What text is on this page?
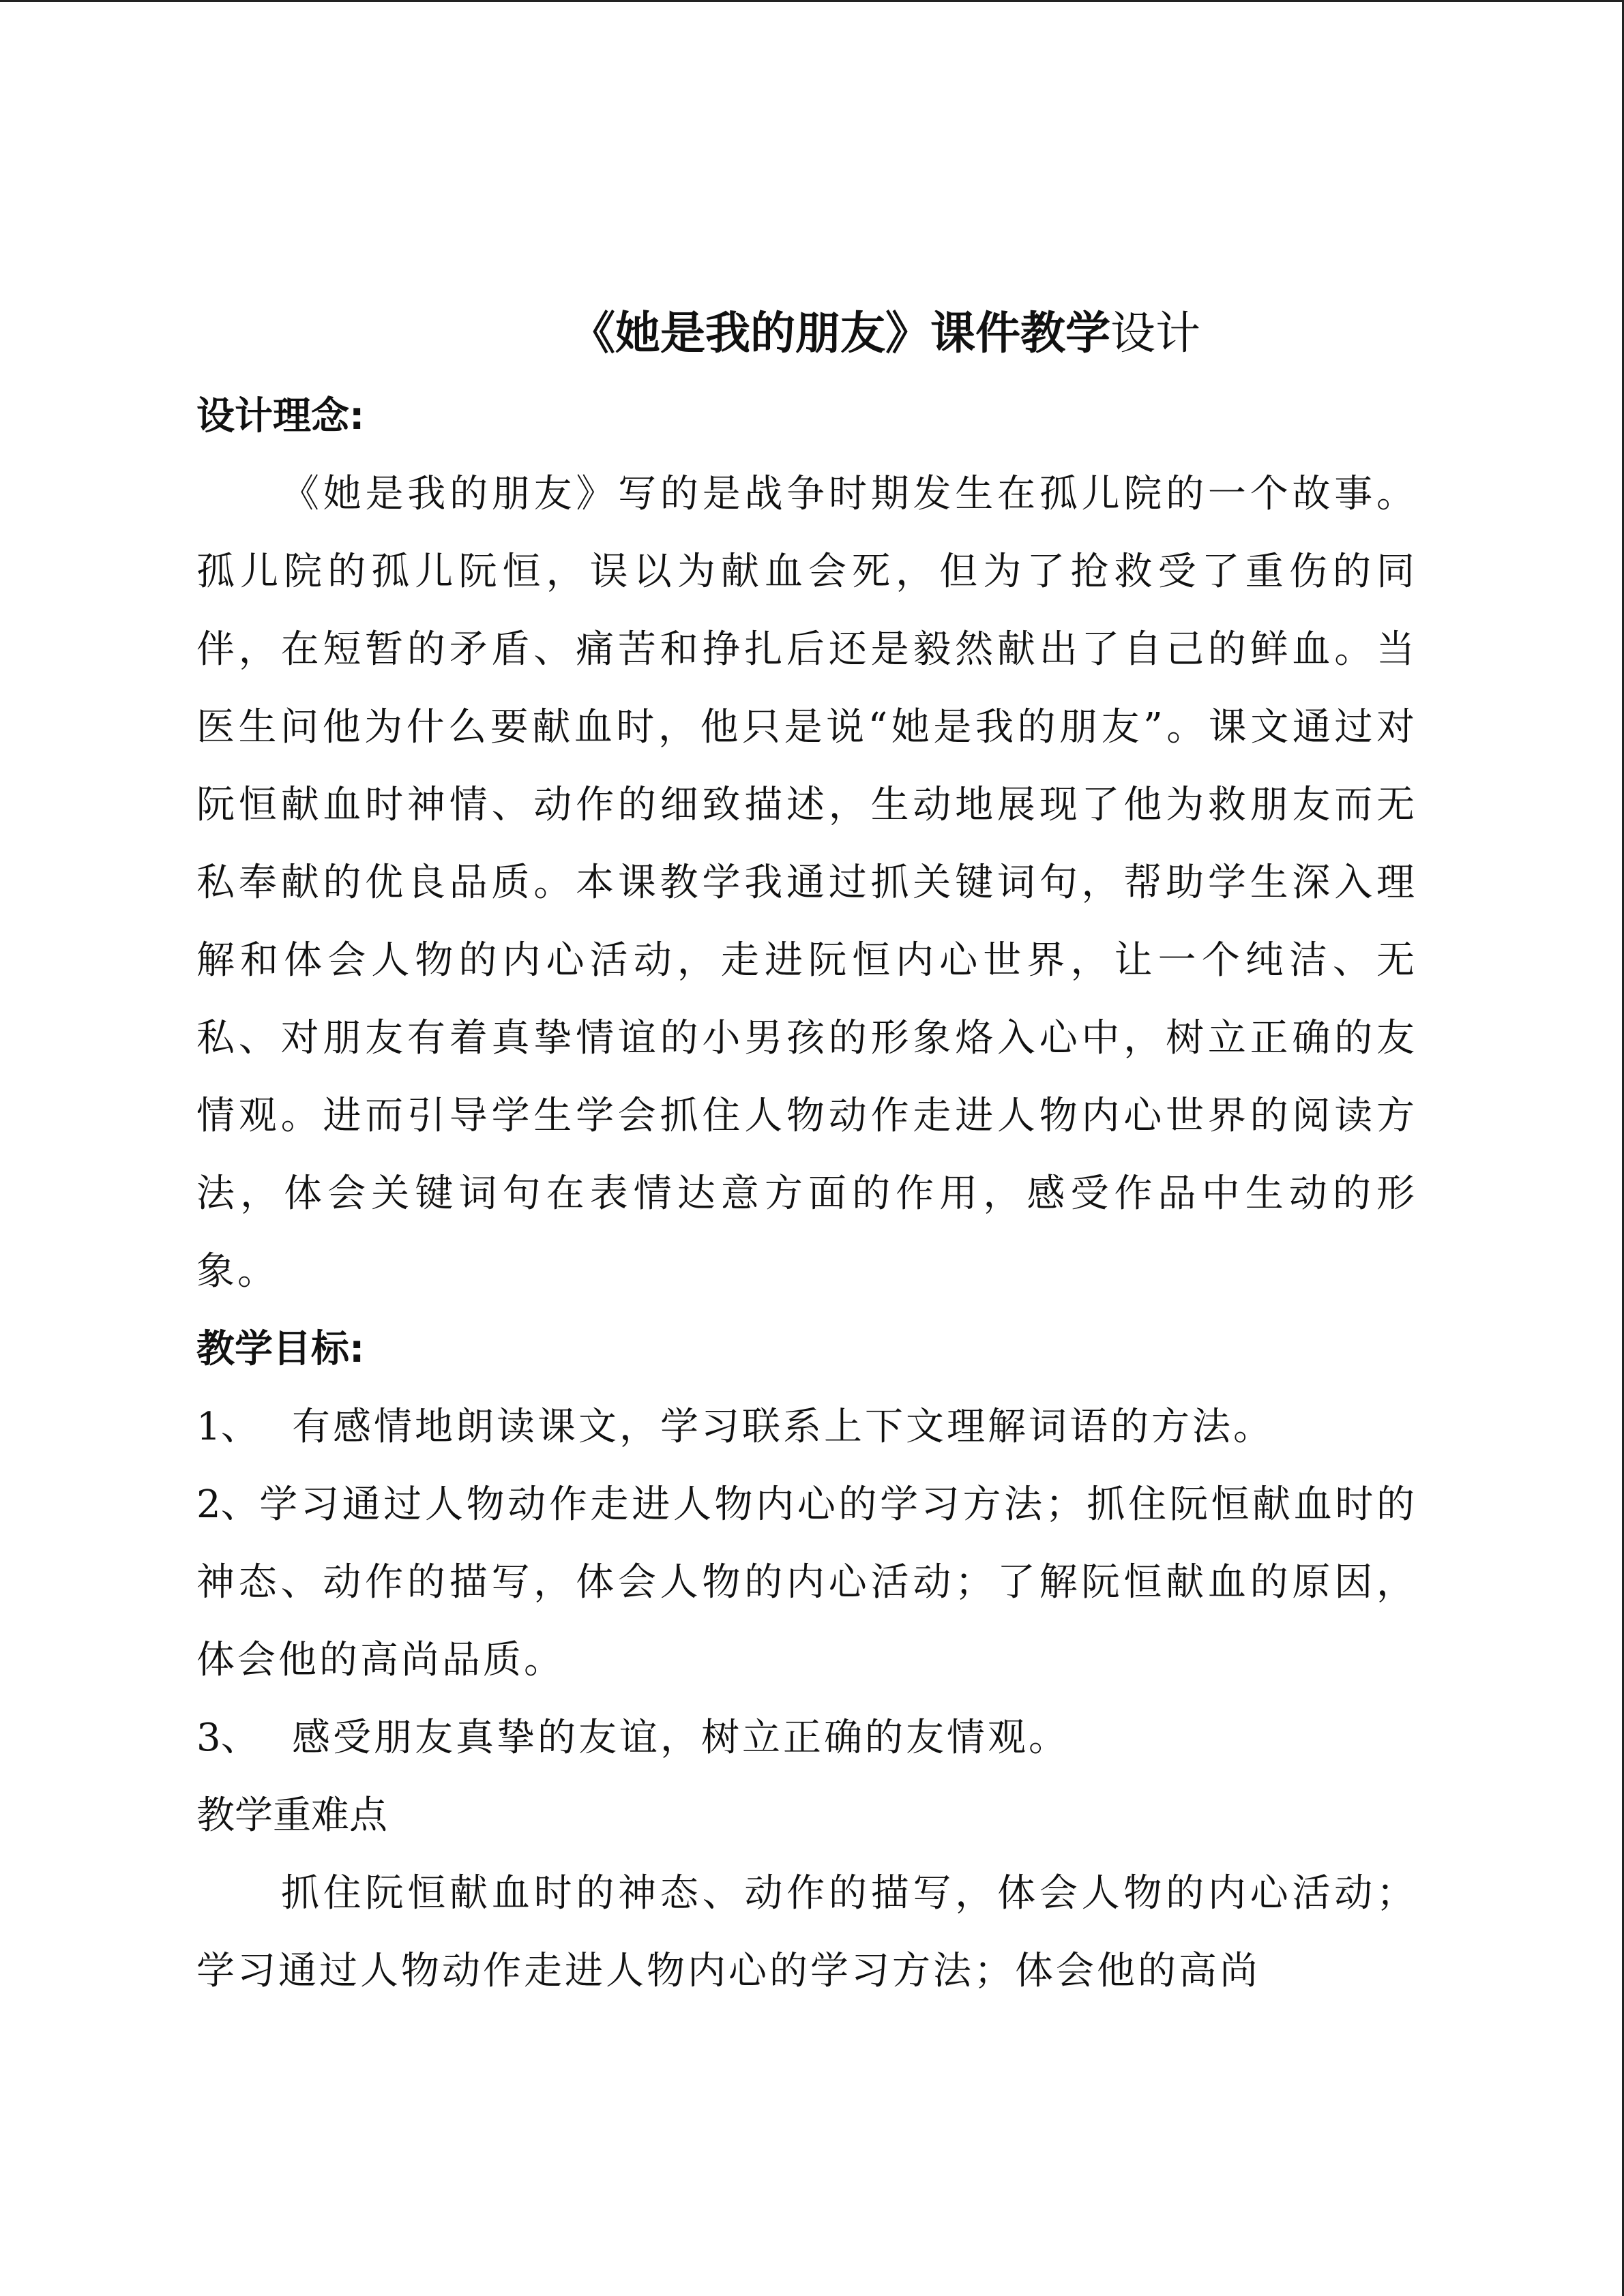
《她是我的朋友》课件教学设计
设计理念:

《她是我的朋友》写的是战争时期发生在孤儿院的一个故事。孤儿院的孤儿阮恒，误以为献血会死，但为了抢救受了重伤的同伴，在短暂的矛盾、痛苦和挣扎后还是毅然献出了自己的鲜血。当医生问他为什么要献血时，他只是说“她是我的朋友”。课文通过对阮恒献血时神情、动作的细致描述，生动地展现了他为救朋友而无私奉献的优良品质。本课教学我通过抓关键词句，帮助学生深入理解和体会人物的内心活动，走进阮恒内心世界，让一个纯洁、无私、对朋友有着真挚情谊的小男孩的形象烙入心中，树立正确的友情观。进而引导学生学会抓住人物动作走进人物内心世界的阅读方法，体会关键词句在表情达意方面的作用，感受作品中生动的形象。

教学目标:

1、 有感情地朗读课文，学习联系上下文理解词语的方法。

2、学习通过人物动作走进人物内心的学习方法；抓住阮恒献血时的神态、动作的描写，体会人物的内心活动；了解阮恒献血的原因，体会他的高尚品质。

3、 感受朋友真挚的友谊，树立正确的友情观。

教学重难点

抓住阮恒献血时的神态、动作的描写，体会人物的内心活动；学习通过人物动作走进人物内心的学习方法；体会他的高尚
